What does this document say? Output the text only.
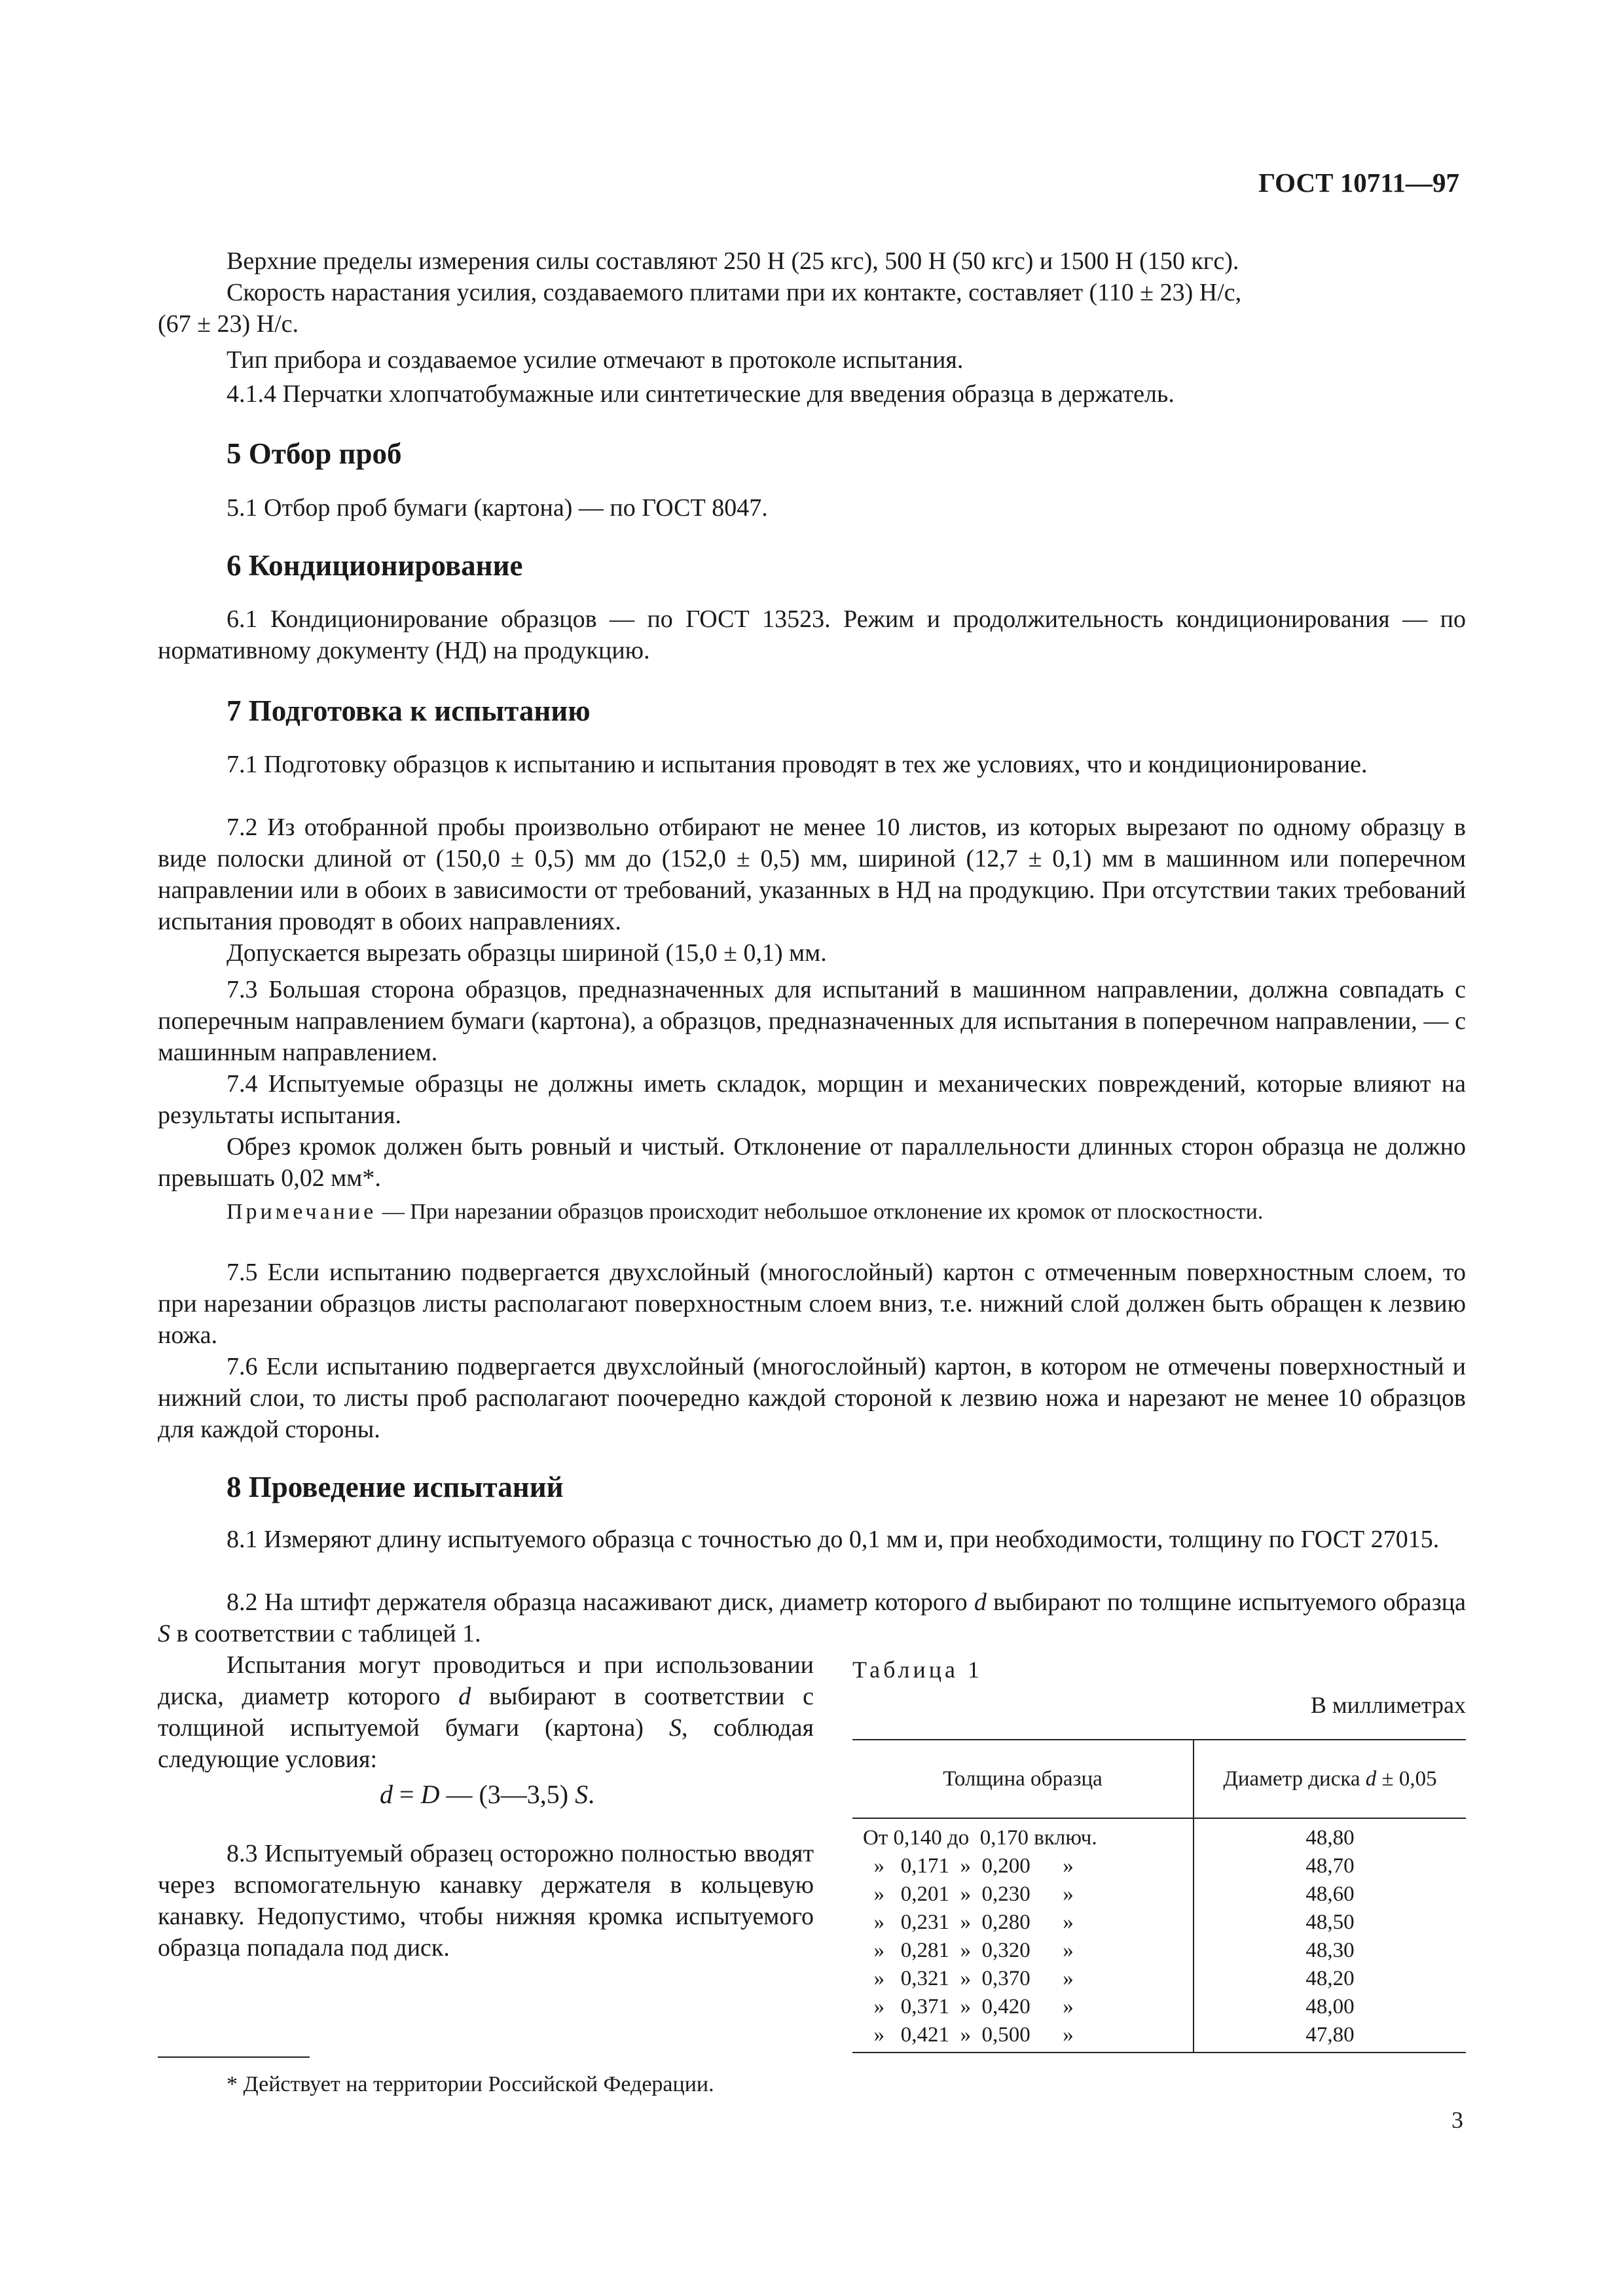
ГОСТ 10711—97
Верхние пределы измерения силы составляют 250 Н (25 кгс), 500 Н (50 кгс) и 1500 Н (150 кгс).
Скорость нарастания усилия, создаваемого плитами при их контакте, составляет (110 ± 23) Н/с,
(67 ± 23) Н/с.
Тип прибора и создаваемое усилие отмечают в протоколе испытания.
4.1.4 Перчатки хлопчатобумажные или синтетические для введения образца в держатель.
5 Отбор проб
5.1 Отбор проб бумаги (картона) — по ГОСТ 8047.
6 Кондиционирование
6.1 Кондиционирование образцов — по ГОСТ 13523. Режим и продолжительность кондиционирования — по нормативному документу (НД) на продукцию.
7 Подготовка к испытанию
7.1 Подготовку образцов к испытанию и испытания проводят в тех же условиях, что и кондиционирование.
7.2 Из отобранной пробы произвольно отбирают не менее 10 листов, из которых вырезают по одному образцу в виде полоски длиной от (150,0 ± 0,5) мм до (152,0 ± 0,5) мм, шириной (12,7 ± 0,1) мм в машинном или поперечном направлении или в обоих в зависимости от требований, указанных в НД на продукцию. При отсутствии таких требований испытания проводят в обоих направлениях.
Допускается вырезать образцы шириной (15,0 ± 0,1) мм.
7.3 Большая сторона образцов, предназначенных для испытаний в машинном направлении, должна совпадать с поперечным направлением бумаги (картона), а образцов, предназначенных для испытания в поперечном направлении, — с машинным направлением.
7.4 Испытуемые образцы не должны иметь складок, морщин и механических повреждений, которые влияют на результаты испытания.
Обрез кромок должен быть ровный и чистый. Отклонение от параллельности длинных сторон образца не должно превышать 0,02 мм*.
Примечание — При нарезании образцов происходит небольшое отклонение их кромок от плоскостности.
7.5 Если испытанию подвергается двухслойный (многослойный) картон с отмеченным поверхностным слоем, то при нарезании образцов листы располагают поверхностным слоем вниз, т.е. нижний слой должен быть обращен к лезвию ножа.
7.6 Если испытанию подвергается двухслойный (многослойный) картон, в котором не отмечены поверхностный и нижний слои, то листы проб располагают поочередно каждой стороной к лезвию ножа и нарезают не менее 10 образцов для каждой стороны.
8 Проведение испытаний
8.1 Измеряют длину испытуемого образца с точностью до 0,1 мм и, при необходимости, толщину по ГОСТ 27015.
8.2 На штифт держателя образца насаживают диск, диаметр которого d выбирают по толщине испытуемого образца S в соответствии с таблицей 1.
Испытания могут проводиться и при использовании диска, диаметр которого d выбирают в соответствии с толщиной испытуемой бумаги (картона) S, соблюдая следующие условия:
d = D — (3—3,5) S.
8.3 Испытуемый образец осторожно полностью вводят через вспомогательную канавку держателя в кольцевую канавку. Недопустимо, чтобы нижняя кромка испытуемого образца попадала под диск.
Таблица 1
В миллиметрах
Толщина образца	Диаметр диска d ± 0,05
От 0,140 до  0,170 включ.	48,80
»   0,171  »  0,200      »	48,70
»   0,201  »  0,230      »	48,60
»   0,231  »  0,280      »	48,50
»   0,281  »  0,320      »	48,30
»   0,321  »  0,370      »	48,20
»   0,371  »  0,420      »	48,00
»   0,421  »  0,500      »	47,80
* Действует на территории Российской Федерации.
3
